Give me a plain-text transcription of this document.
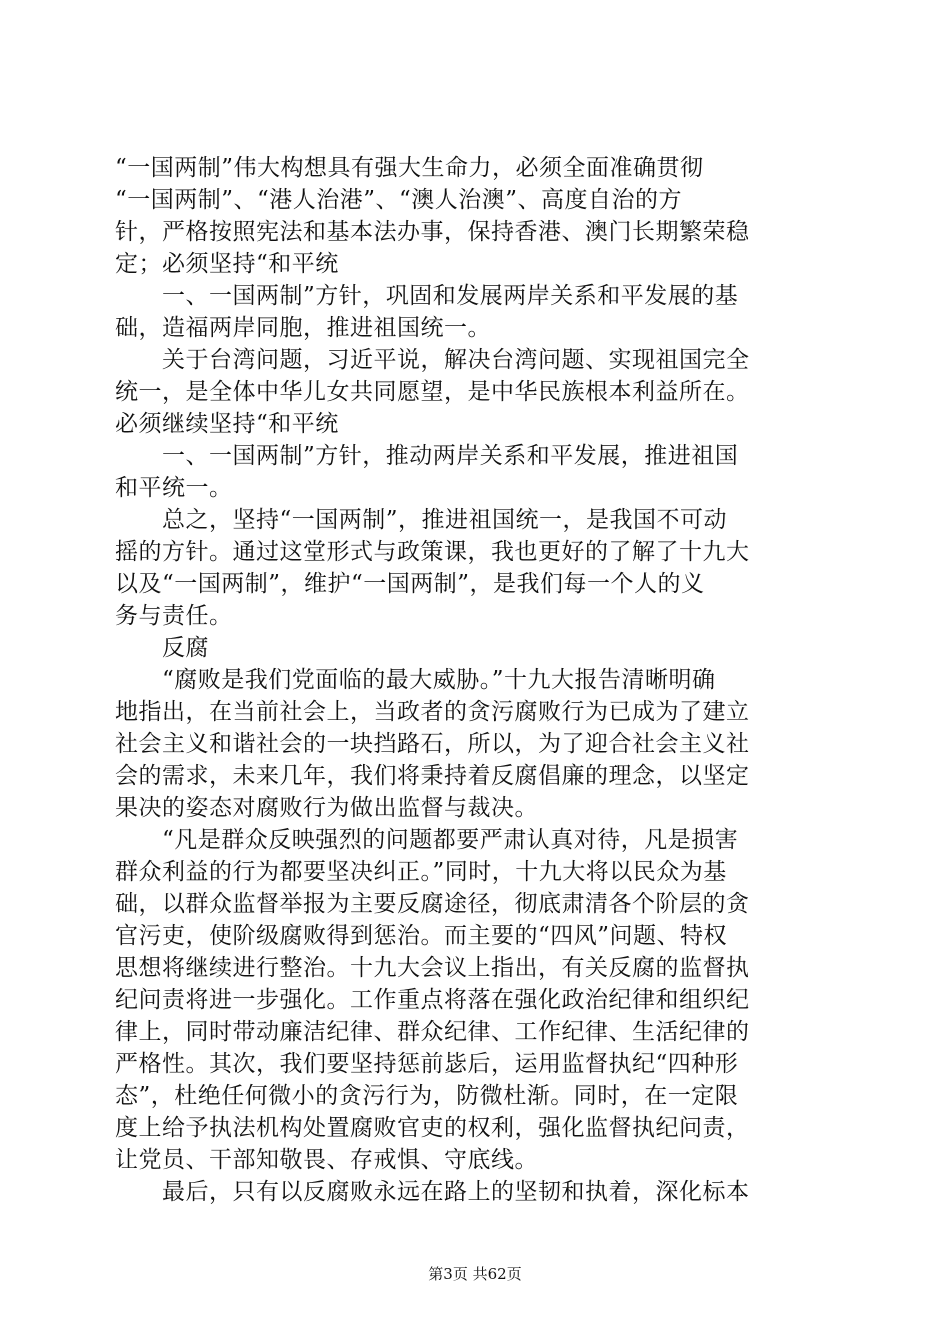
“一国两制”伟大构想具有强大生命力，必须全面准确贯彻
“一国两制”、“港人治港”、“澳人治澳”、高度自治的方
针，严格按照宪法和基本法办事，保持香港、澳门长期繁荣稳
定；必须坚持“和平统
　　一、一国两制”方针，巩固和发展两岸关系和平发展的基
础，造福两岸同胞，推进祖国统一。
　　关于台湾问题，习近平说，解决台湾问题、实现祖国完全
统一，是全体中华儿女共同愿望，是中华民族根本利益所在。
必须继续坚持“和平统
　　一、一国两制”方针，推动两岸关系和平发展，推进祖国
和平统一。
　　总之，坚持“一国两制”，推进祖国统一，是我国不可动
摇的方针。通过这堂形式与政策课，我也更好的了解了十九大
以及“一国两制”，维护“一国两制”，是我们每一个人的义
务与责任。
　　反腐
　　“腐败是我们党面临的最大威胁。”十九大报告清晰明确
地指出，在当前社会上，当政者的贪污腐败行为已成为了建立
社会主义和谐社会的一块挡路石，所以，为了迎合社会主义社
会的需求，未来几年，我们将秉持着反腐倡廉的理念，以坚定
果决的姿态对腐败行为做出监督与裁决。
　　“凡是群众反映强烈的问题都要严肃认真对待，凡是损害
群众利益的行为都要坚决纠正。”同时，十九大将以民众为基
础，以群众监督举报为主要反腐途径，彻底肃清各个阶层的贪
官污吏，使阶级腐败得到惩治。而主要的“四风”问题、特权
思想将继续进行整治。十九大会议上指出，有关反腐的监督执
纪问责将进一步强化。工作重点将落在强化政治纪律和组织纪
律上，同时带动廉洁纪律、群众纪律、工作纪律、生活纪律的
严格性。其次，我们要坚持惩前毖后，运用监督执纪“四种形
态”，杜绝任何微小的贪污行为，防微杜渐。同时，在一定限
度上给予执法机构处置腐败官吏的权利，强化监督执纪问责，
让党员、干部知敬畏、存戒惧、守底线。
　　最后，只有以反腐败永远在路上的坚韧和执着，深化标本
第3页 共62页
